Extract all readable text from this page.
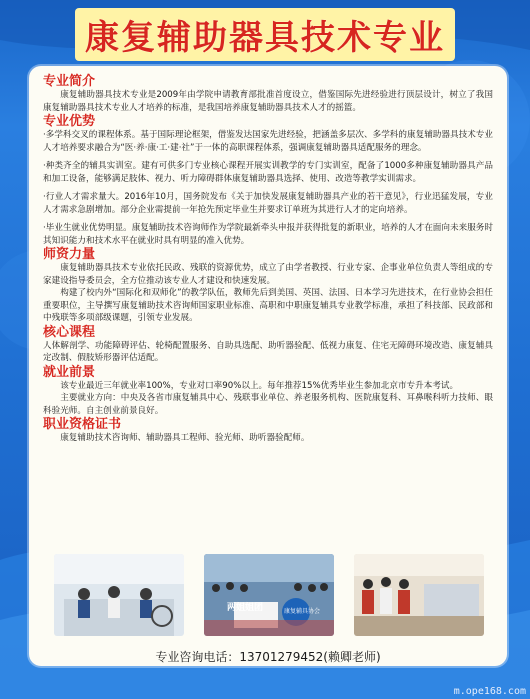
康复辅助器具技术专业

专业简介

康复辅助器具技术专业是2009年由学院申请教育部批准首度设立，借鉴国际先进经验进行顶层设计，树立了我国康复辅助器具技术专业人才培养的标准，是我国培养康复辅助器具技术人才的摇篮。

专业优势

·多学科交叉的课程体系。基于国际理论框架，借鉴发达国家先进经验，把涵盖多层次、多学科的康复辅助器具技术专业人才培养要求融合为“医·养·康·工·建·社”于一体的高职课程体系，强调康复辅助器具适配服务的理念。

·种类齐全的辅具实训室。建有可供多门专业核心课程开展实训教学的专门实训室，配备了1000多种康复辅助器具产品和加工设备，能够满足肢体、视力、听力障碍群体康复辅助器具选择、使用、改造等教学实训需求。

·行业人才需求量大。2016年10月，国务院发布《关于加快发展康复辅助器具产业的若干意见》，行业迅猛发展，专业人才需求急剧增加。部分企业需提前一年抢先预定毕业生并要求订单班为其进行人才的定向培养。

·毕业生就业优势明显。康复辅助技术咨询师作为学院最新牵头申报并获得批复的新职业，培养的人才在面向未来服务时其知识能力和技术水平在就业时具有明显的准入优势。

师资力量

康复辅助器具技术专业依托民政、残联的资源优势，成立了由学者教授、行业专家、企事业单位负责人等组成的专家建设指导委员会，全方位推动该专业人才建设和快速发展。

构建了校内外“国际化和双师化”的教学队伍，教师先后到美国、英国、法国、日本学习先进技术，在行业协会担任重要职位，主导撰写康复辅助技术咨询师国家职业标准、高职和中职康复辅具专业教学标准，承担了科技部、民政部和中残联等多项部级课题，引领专业发展。

核心课程

人体解剖学、功能障碍评估、轮椅配置服务、自助具选配、助听器验配、低视力康复、住宅无障碍环境改造、康复辅具定改制、假肢矫形器评估适配。

就业前景

该专业最近三年就业率100%，专业对口率90%以上。每年推荐15%优秀毕业生参加北京市专升本考试。

主要就业方向：中央及各省市康复辅具中心、残联事业单位、养老服务机构、医院康复科、耳鼻喉科听力技师、眼科验光师。自主创业前景良好。

职业资格证书

康复辅助技术咨询师、辅助器具工程师、验光师、助听器验配师。

两姐姐团	康复辅具协会
专业咨询电话：13701279452(赖卿老师)
m.ope168.com
